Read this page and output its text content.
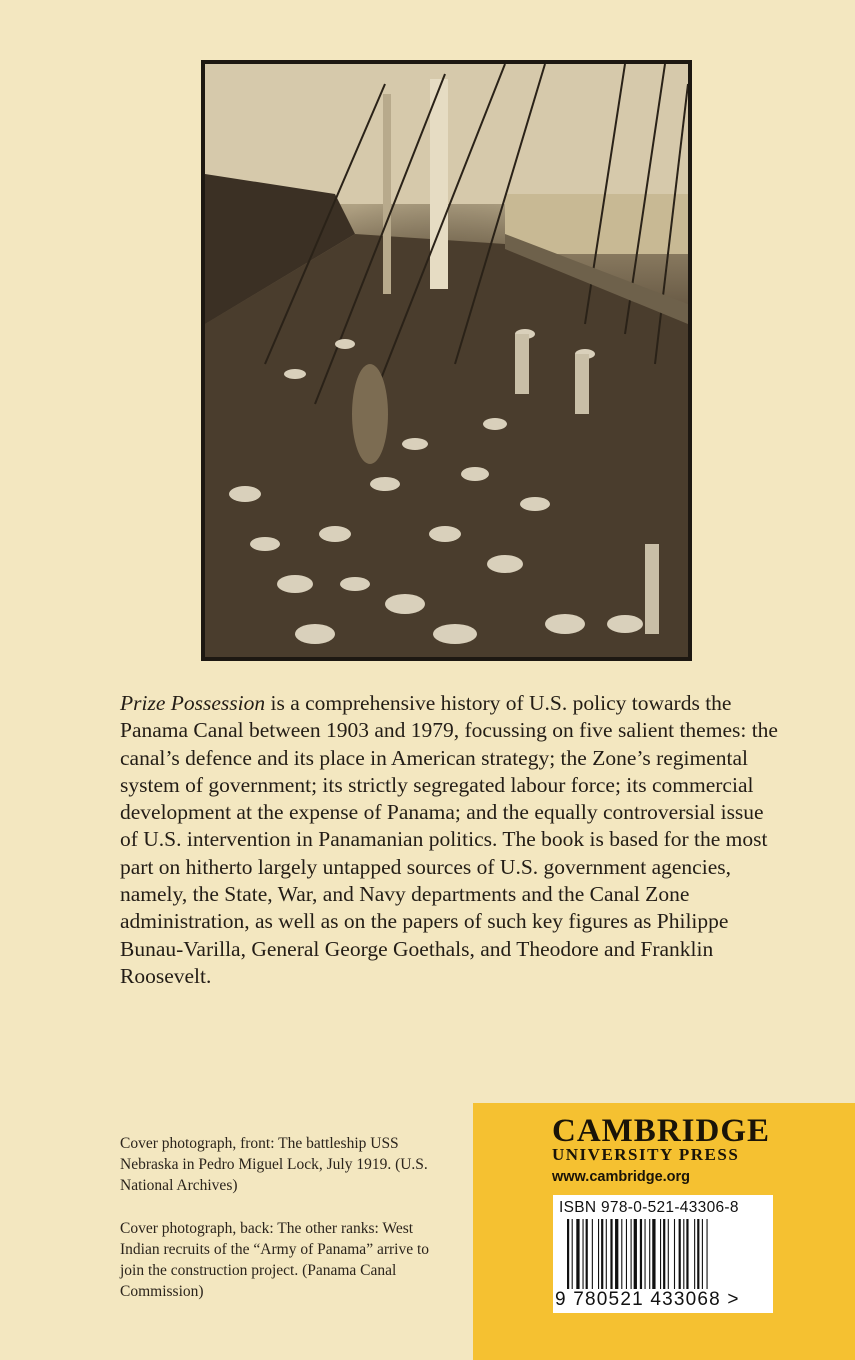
Prize Possession is a comprehensive history of U.S. policy towards the Panama Canal between 1903 and 1979, focussing on five salient themes: the canal’s defence and its place in American strategy; the Zone’s regimental system of government; its strictly segregated labour force; its commercial development at the expense of Panama; and the equally controversial issue of U.S. intervention in Panamanian politics. The book is based for the most part on hitherto largely untapped sources of U.S. government agencies, namely, the State, War, and Navy departments and the Canal Zone administration, as well as on the papers of such key figures as Philippe Bunau-Varilla, General George Goethals, and Theodore and Franklin Roosevelt.

Cover photograph, front: The battleship USS Nebraska in Pedro Miguel Lock, July 1919. (U.S. National Archives)

Cover photograph, back: The other ranks: West Indian recruits of the “Army of Panama” arrive to join the construction project. (Panama Canal Commission)

CAMBRIDGE
UNIVERSITY PRESS
www.cambridge.org
ISBN 978-0-521-43306-8
9 780521 433068 >
